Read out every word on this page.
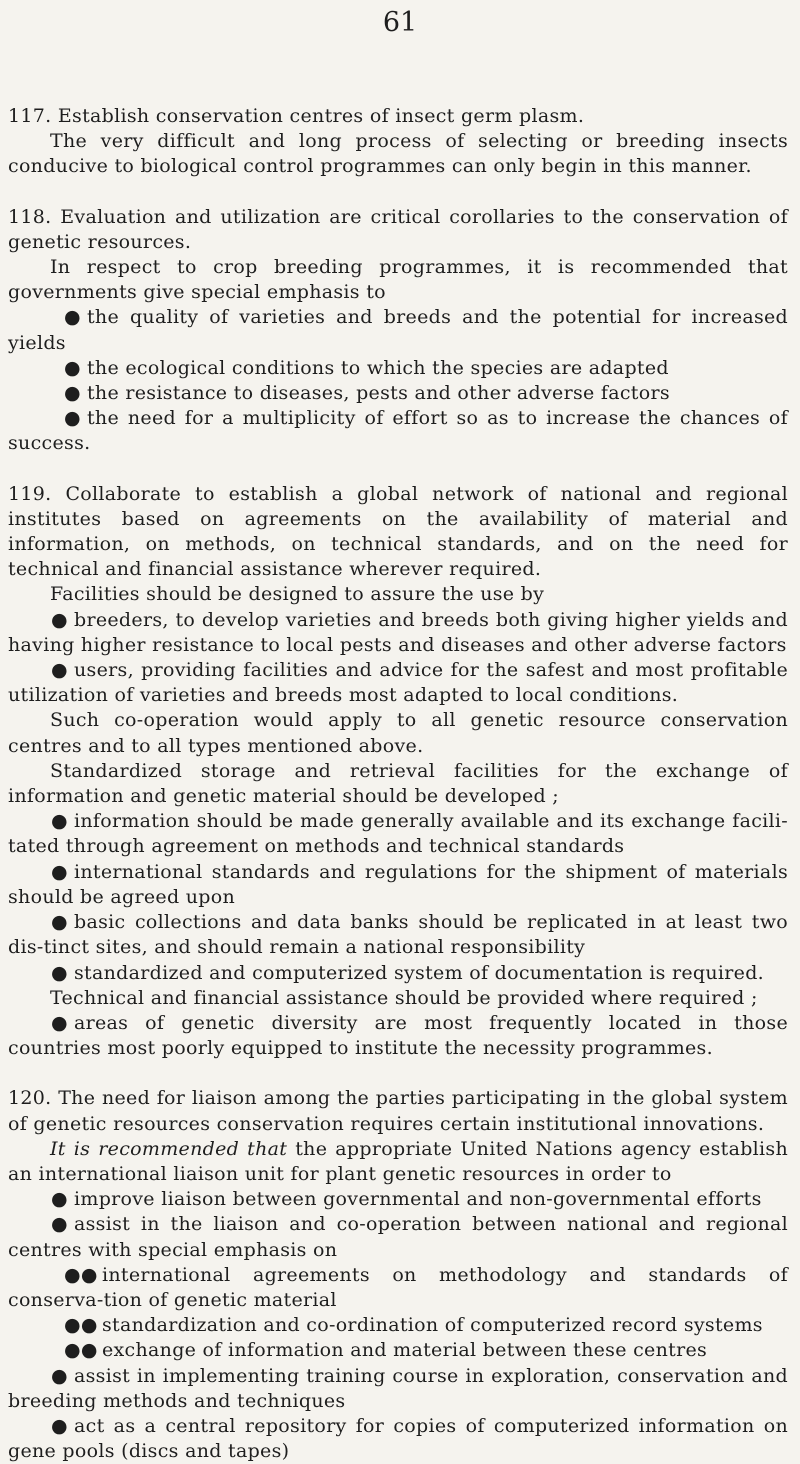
61

117. Establish conservation centres of insect germ plasm.

The very difficult and long process of selecting or breeding insects conducive to biological control programmes can only begin in this manner.

118. Evaluation and utilization are critical corollaries to the conservation of genetic resources.

In respect to crop breeding programmes, it is recommended that governments give special emphasis to

● the quality of varieties and breeds and the potential for increased yields

● the ecological conditions to which the species are adapted

● the resistance to diseases, pests and other adverse factors

● the need for a multiplicity of effort so as to increase the chances of success.

119. Collaborate to establish a global network of national and regional institutes based on agreements on the availability of material and information, on methods, on technical standards, and on the need for technical and financial assistance wherever required.

Facilities should be designed to assure the use by

● breeders, to develop varieties and breeds both giving higher yields and having higher resistance to local pests and diseases and other adverse factors

● users, providing facilities and advice for the safest and most profitable utilization of varieties and breeds most adapted to local conditions.

Such co-operation would apply to all genetic resource conservation centres and to all types mentioned above.

Standardized storage and retrieval facilities for the exchange of information and genetic material should be developed ;

● information should be made generally available and its exchange facili-tated through agreement on methods and technical standards

● international standards and regulations for the shipment of materials should be agreed upon

● basic collections and data banks should be replicated in at least two dis-tinct sites, and should remain a national responsibility

● standardized and computerized system of documentation is required.

Technical and financial assistance should be provided where required ;

● areas of genetic diversity are most frequently located in those countries most poorly equipped to institute the necessity programmes.

120. The need for liaison among the parties participating in the global system of genetic resources conservation requires certain institutional innovations.

It is recommended that the appropriate United Nations agency establish an international liaison unit for plant genetic resources in order to

● improve liaison between governmental and non-governmental efforts

● assist in the liaison and co-operation between national and regional centres with special emphasis on

●● international agreements on methodology and standards of conserva-tion of genetic material

●● standardization and co-ordination of computerized record systems

●● exchange of information and material between these centres

● assist in implementing training course in exploration, conservation and breeding methods and techniques

● act as a central repository for copies of computerized information on gene pools (discs and tapes)
